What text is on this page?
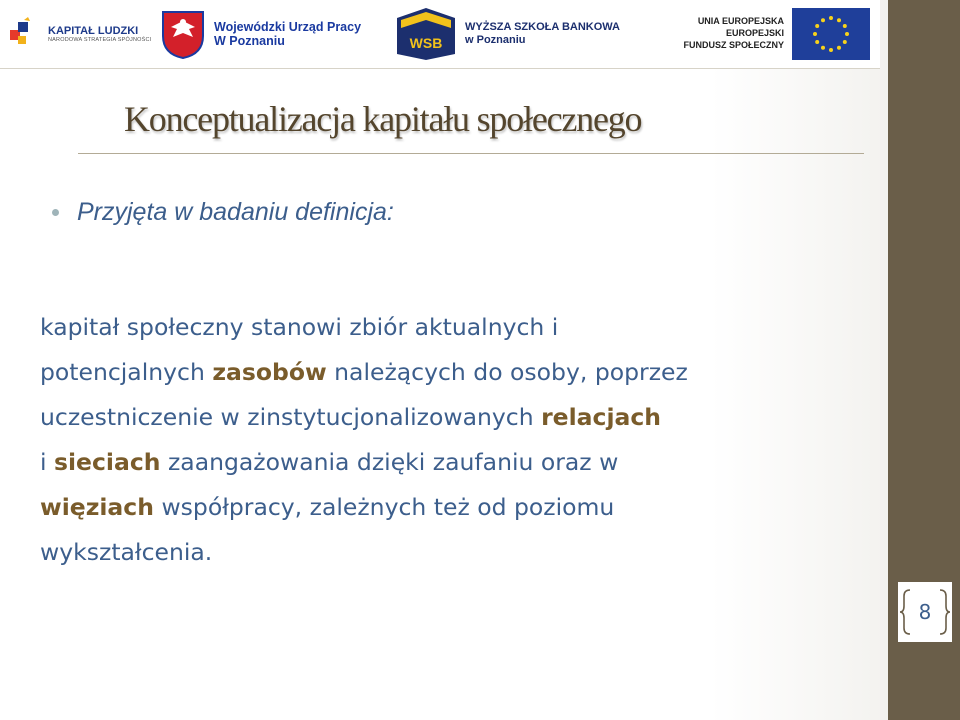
KAPITAŁ LUDZKI
NARODOWA STRATEGIA SPÓJNOŚCI
Wojewódzki Urząd Pracy
W Poznaniu	WSB
WYŻSZA SZKOŁA BANKOWA
w Poznaniu
UNIA EUROPEJSKA
EUROPEJSKI
FUNDUSZ SPOŁECZNY
Konceptualizacja kapitału społecznego
Przyjęta w badaniu definicja:
kapitał społeczny stanowi zbiór aktualnych i
potencjalnych zasobów należących do osoby, poprzez
uczestniczenie w zinstytucjonalizowanych relacjach
i sieciach zaangażowania dzięki zaufaniu oraz w
więziach współpracy, zależnych też od poziomu
wykształcenia.
8
